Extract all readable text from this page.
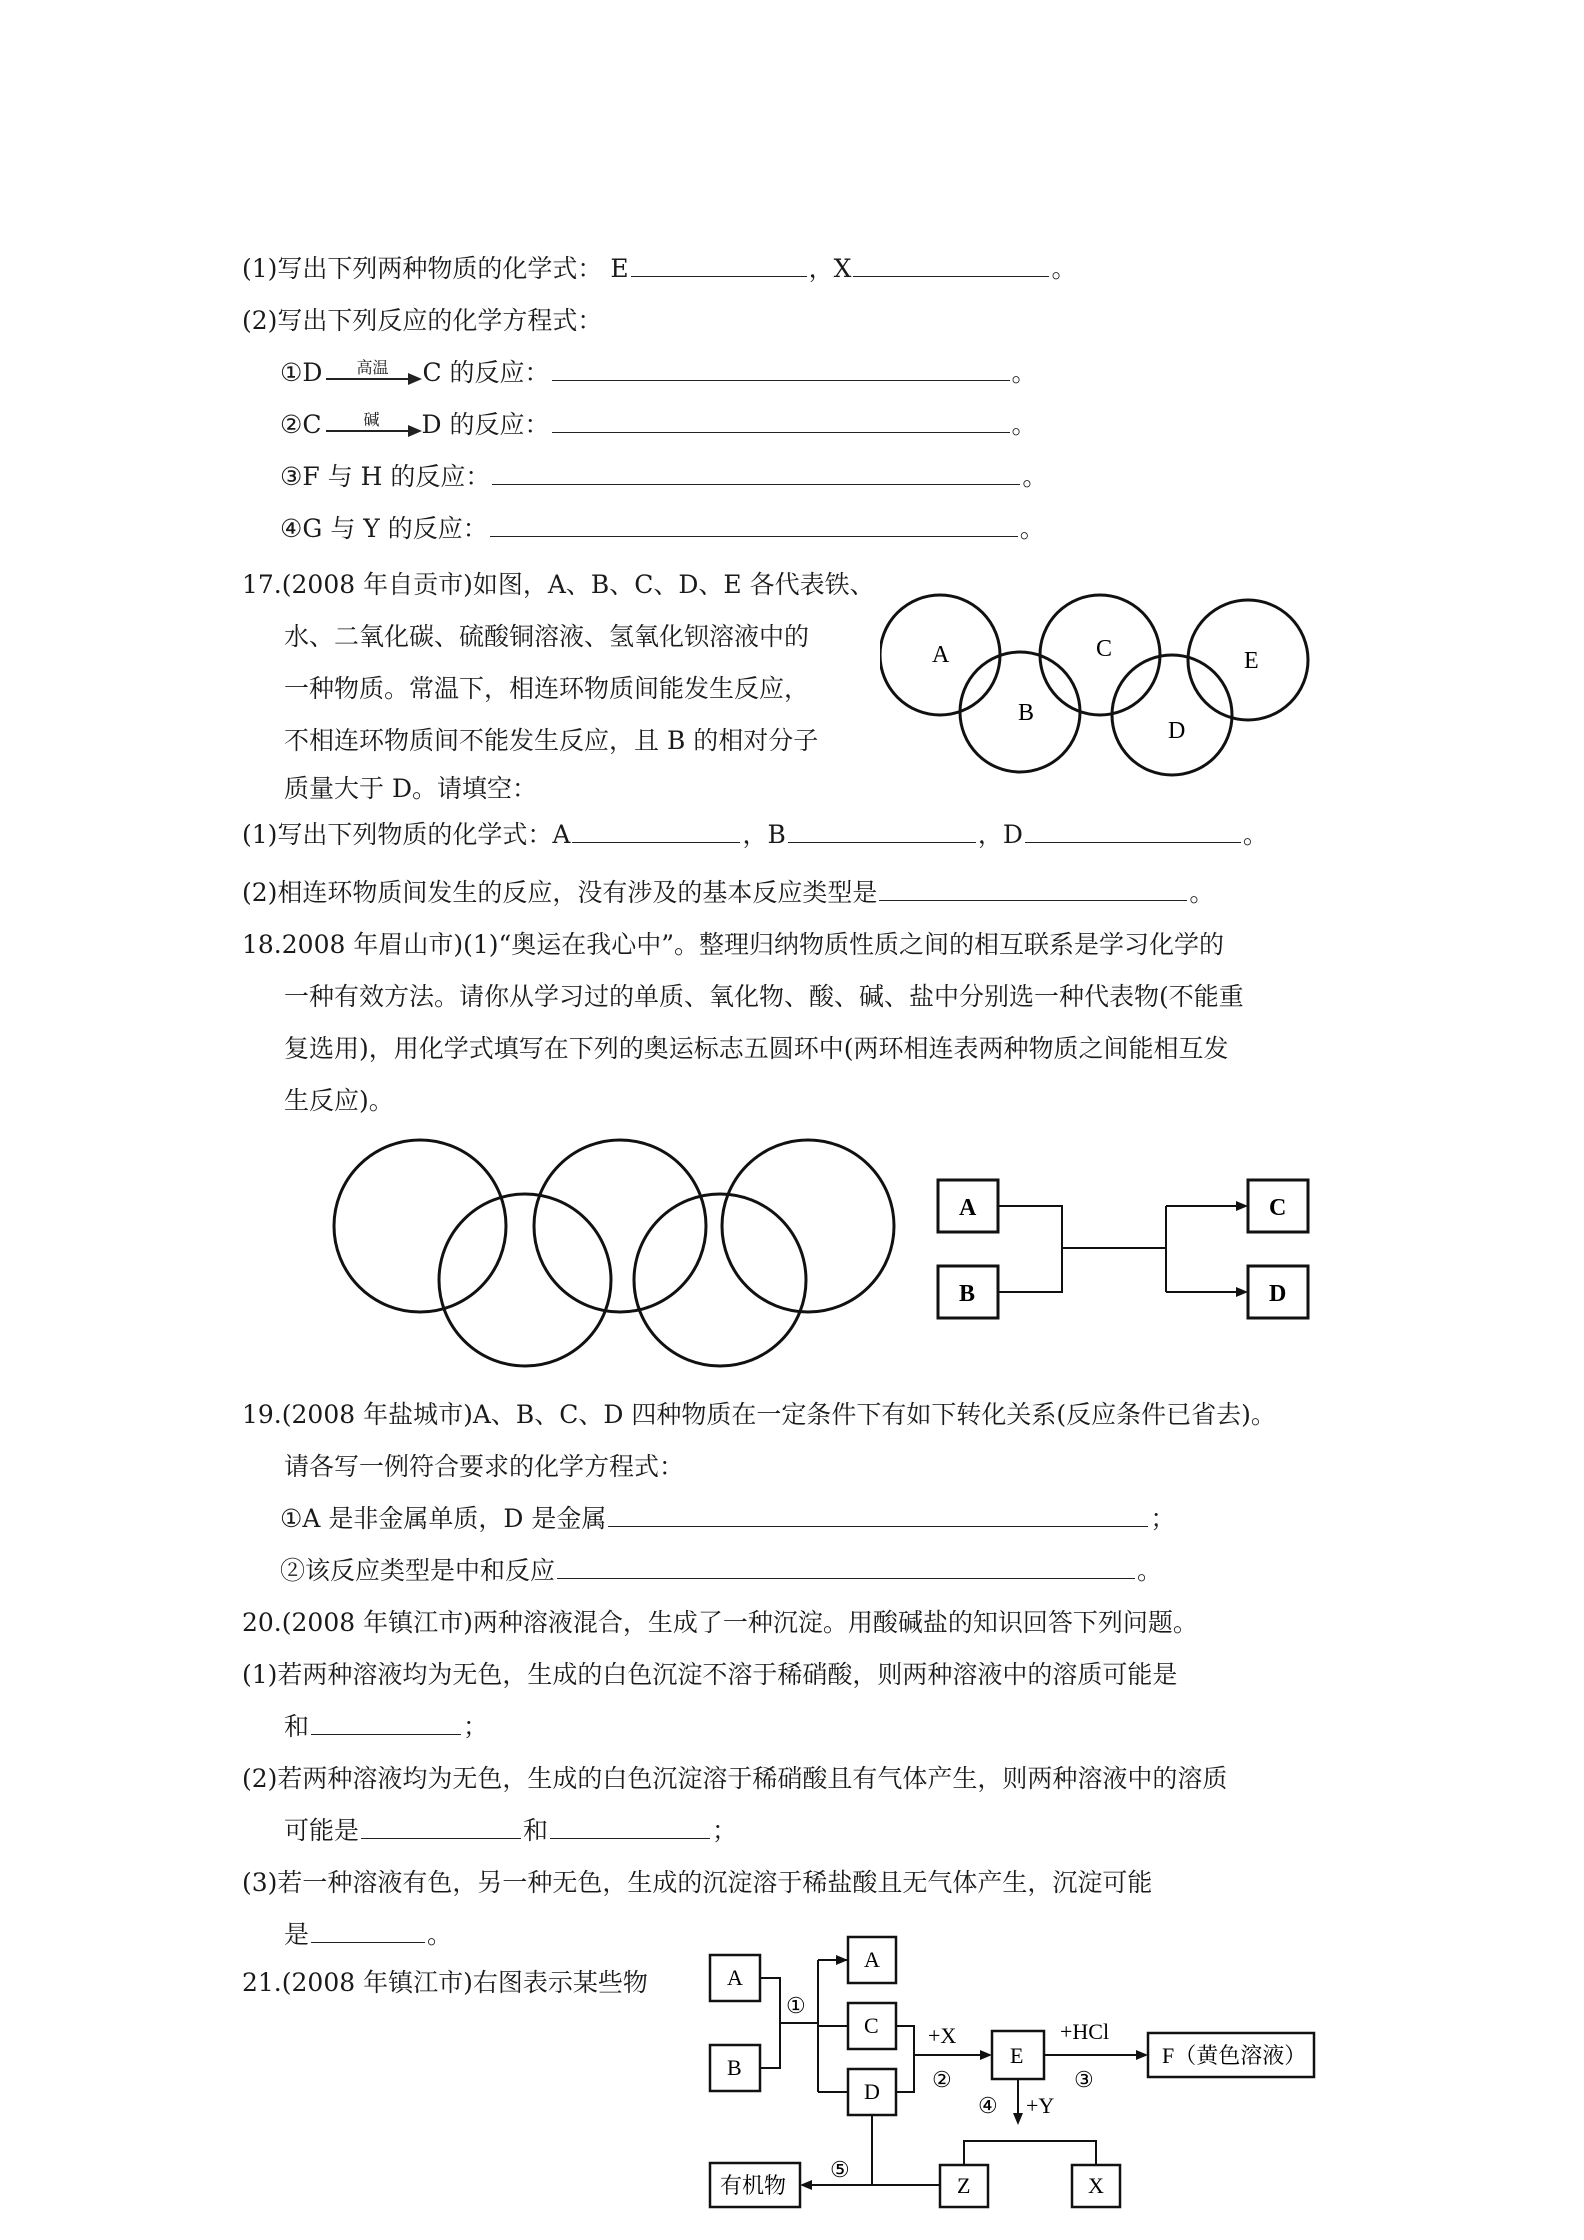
(1)写出下列两种物质的化学式： E	，X	。
(2)写出下列反应的化学方程式：
①D	高温	C 的反应：	。
②C	碱	D 的反应：	。
③F 与 H 的反应：	。
④G 与 Y 的反应：	。
17.(2008 年自贡市)如图，A、B、C、D、E 各代表铁、
水、二氧化碳、硫酸铜溶液、氢氧化钡溶液中的
一种物质。常温下，相连环物质间能发生反应，
不相连环物质间不能发生反应，且 B 的相对分子
质量大于 D。请填空：
A
B
C
D
E
(1)写出下列物质的化学式：A	，B	，D	。
(2)相连环物质间发生的反应，没有涉及的基本反应类型是	。
18.2008 年眉山市)(1)“奥运在我心中”。整理归纳物质性质之间的相互联系是学习化学的
一种有效方法。请你从学习过的单质、氧化物、酸、碱、盐中分别选一种代表物(不能重
复选用)，用化学式填写在下列的奥运标志五圆环中(两环相连表两种物质之间能相互发
生反应)。
A
B
C
D
19.(2008 年盐城市)A、B、C、D 四种物质在一定条件下有如下转化关系(反应条件已省去)。
请各写一例符合要求的化学方程式：
①A 是非金属单质，D 是金属	；
②该反应类型是中和反应	。
20.(2008 年镇江市)两种溶液混合，生成了一种沉淀。用酸碱盐的知识回答下列问题。
(1)若两种溶液均为无色，生成的白色沉淀不溶于稀硝酸，则两种溶液中的溶质可能是
和	；
(2)若两种溶液均为无色，生成的白色沉淀溶于稀硝酸且有气体产生，则两种溶液中的溶质
可能是	和	；
(3)若一种溶液有色，另一种无色，生成的沉淀溶于稀盐酸且无气体产生，沉淀可能
是	。
21.(2008 年镇江市)右图表示某些物	A
B
A
C
D
E	F（黄色溶液）
Z	X
有机物
①
②	③
④
⑤
+X	+HCl
+Y
